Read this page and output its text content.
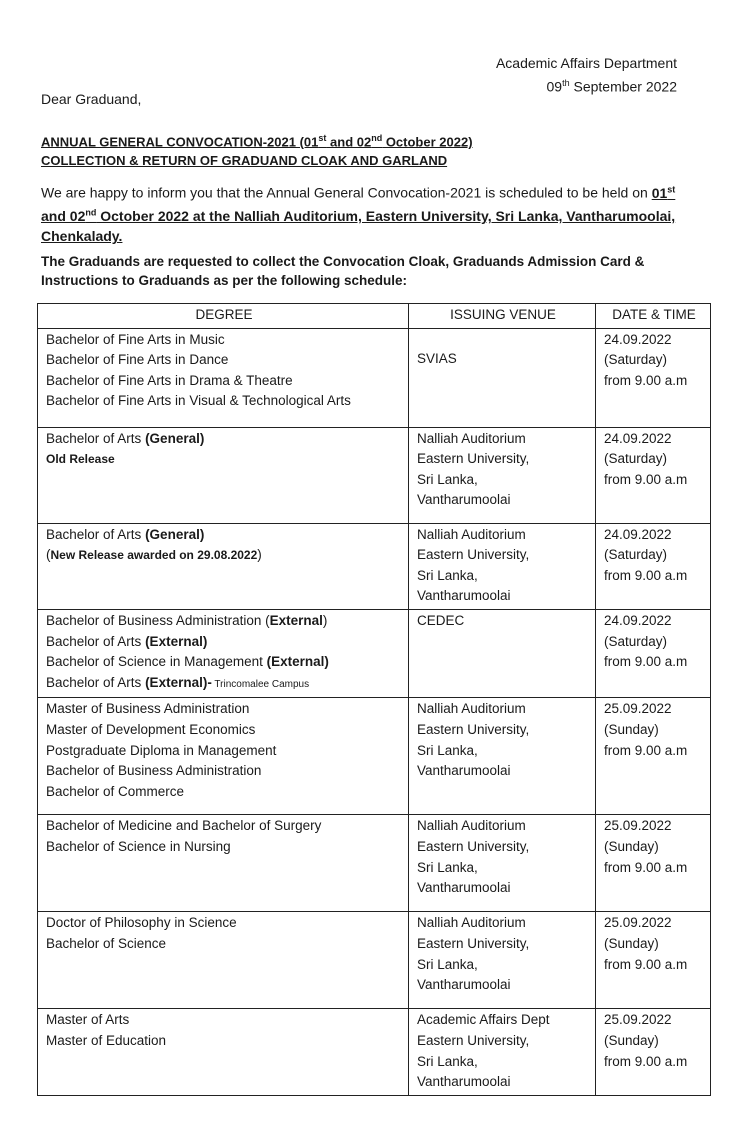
Academic Affairs Department
09th September 2022
Dear Graduand,
ANNUAL GENERAL CONVOCATION-2021 (01st and 02nd October 2022)
COLLECTION & RETURN OF GRADUAND CLOAK AND GARLAND
We are happy to inform you that the Annual General Convocation-2021 is scheduled to be held on 01st and 02nd October 2022 at the Nalliah Auditorium, Eastern University, Sri Lanka, Vantharumoolai, Chenkalady.
The Graduands are requested to collect the Convocation Cloak, Graduands Admission Card & Instructions to Graduands as per the following schedule:
DEGREE	ISSUING VENUE	DATE & TIME

Bachelor of Fine Arts in Music
Bachelor of Fine Arts in Dance
Bachelor of Fine Arts in Drama & Theatre
Bachelor of Fine Arts in Visual & Technological Arts	SVIAS	24.09.2022
(Saturday)
from 9.00 a.m

Bachelor of Arts (General)
Old Release	Nalliah Auditorium
Eastern University,
Sri Lanka,
Vantharumoolai	24.09.2022
(Saturday)
from 9.00 a.m

Bachelor of Arts (General)
(New Release awarded on 29.08.2022)	Nalliah Auditorium
Eastern University,
Sri Lanka,
Vantharumoolai	24.09.2022
(Saturday)
from 9.00 a.m

Bachelor of Business Administration (External)
Bachelor of Arts (External)
Bachelor of Science in Management (External)
Bachelor of Arts (External)- Trincomalee Campus	CEDEC	24.09.2022
(Saturday)
from 9.00 a.m

Master of Business Administration
Master of Development Economics
Postgraduate Diploma in Management
Bachelor of Business Administration
Bachelor of Commerce	Nalliah Auditorium
Eastern University,
Sri Lanka,
Vantharumoolai	25.09.2022
(Sunday)
from 9.00 a.m

Bachelor of Medicine and Bachelor of Surgery
Bachelor of Science in Nursing	Nalliah Auditorium
Eastern University,
Sri Lanka,
Vantharumoolai	25.09.2022
(Sunday)
from 9.00 a.m

Doctor of Philosophy in Science
Bachelor of Science	Nalliah Auditorium
Eastern University,
Sri Lanka,
Vantharumoolai	25.09.2022
(Sunday)
from 9.00 a.m

Master of Arts
Master of Education	Academic Affairs Dept
Eastern University,
Sri Lanka,
Vantharumoolai	25.09.2022
(Sunday)
from 9.00 a.m
